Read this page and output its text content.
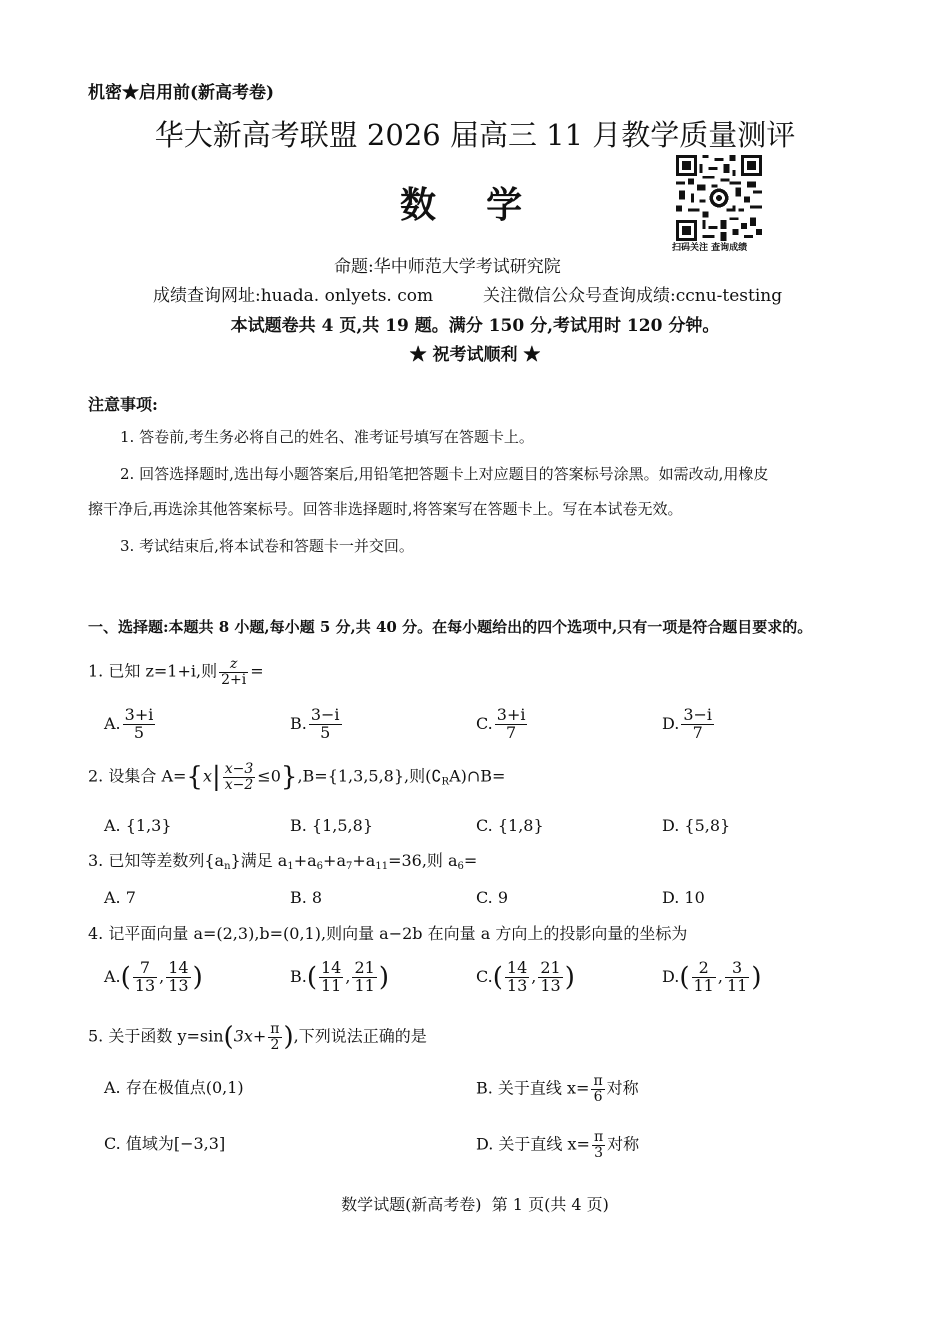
机密★启用前(新高考卷)
华大新高考联盟 2026 届高三 11 月教学质量测评
数    学
扫码关注 查询成绩
命题:华中师范大学考试研究院
成绩查询网址:huada. onlyets. com	关注微信公众号查询成绩:ccnu-testing
本试题卷共 4 页,共 19 题。满分 150 分,考试用时 120 分钟。
★ 祝考试顺利 ★
注意事项:
1. 答卷前,考生务必将自己的姓名、准考证号填写在答题卡上。
2. 回答选择题时,选出每小题答案后,用铅笔把答题卡上对应题目的答案标号涂黑。如需改动,用橡皮
擦干净后,再选涂其他答案标号。回答非选择题时,将答案写在答题卡上。写在本试卷无效。
3. 考试结束后,将本试卷和答题卡一并交回。
一、选择题:本题共 8 小题,每小题 5 分,共 40 分。在每小题给出的四个选项中,只有一项是符合题目要求的。
1. 已知 z=1+i,则 $\frac{z}{2+i}$ =
A. $\frac{3+i}{5}$	B. $\frac{3-i}{5}$	C. $\frac{3+i}{7}$	D. $\frac{3-i}{7}$
2. 设集合 $A=\{x| \frac{x-3}{x-2} \le 0\},B=\{1,3,5,8\}$,则$(∁_RA)\cap B=$
A. {1,3}	B. {1,5,8}	C. {1,8}	D. {5,8}
3. 已知等差数列$\{a_n\}$满足 $a_1+a_6+a_7+a_{11}=36$,则 $a_6=$
A. 7	B. 8	C. 9	D. 10
4. 记平面向量 a=(2,3),b=(0,1),则向量 a−2b 在向量 a 方向上的投影向量的坐标为
$A.( \frac{7}{13}$ , $\frac{14}{13}$ )	$B.( \frac{14}{11}$ , $\frac{21}{11}$ )	$C.( \frac{14}{13}$ , $\frac{21}{13}$ )	$D.( \frac{2}{11}$ , $\frac{3}{11}$ )
5. 关于函数 $y=\sin(3x+ \frac{\pi}{2}$ ),下列说法正确的是
A. 存在极值点(0,1)	B. 关于直线 $x= \frac{\pi}{6}$ 对称
C. 值域为[−3,3]	D. 关于直线 $x= \frac{\pi}{3}$ 对称
数学试题(新高考卷)  第 1 页(共 4 页)
